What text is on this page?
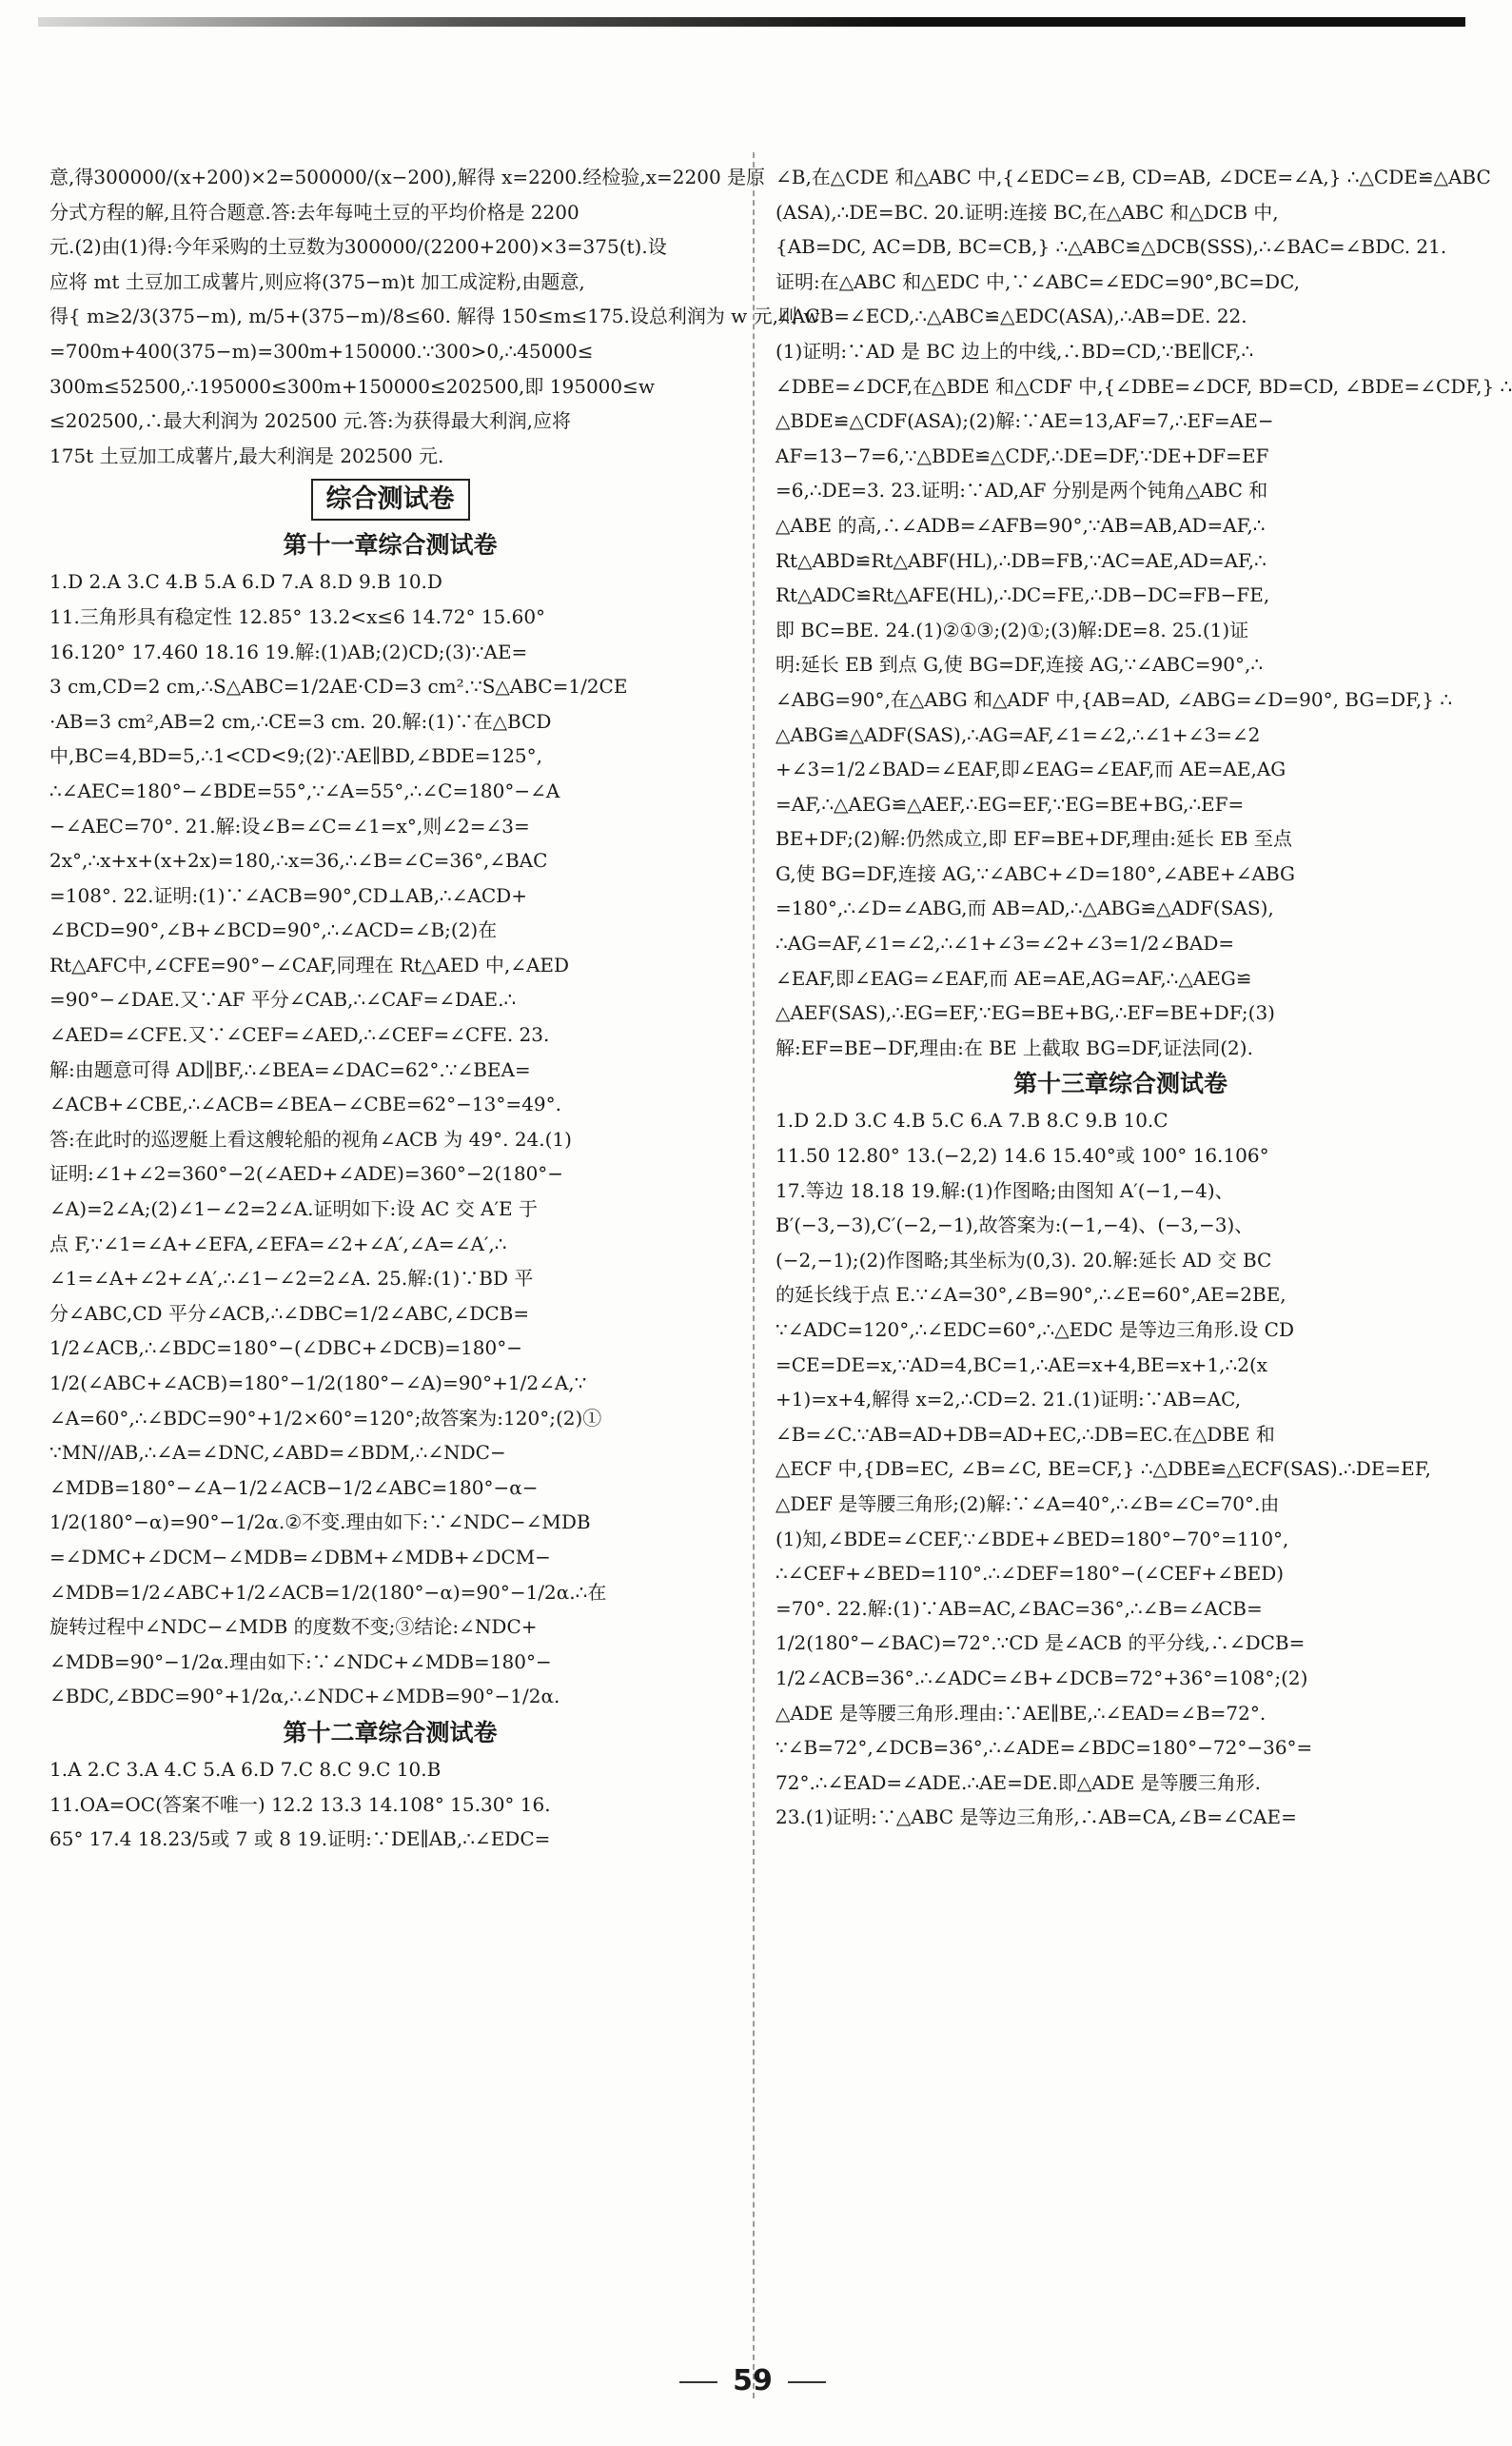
意,得300000/(x+200)×2=500000/(x−200),解得 x=2200.经检验,x=2200 是原
分式方程的解,且符合题意.答:去年每吨土豆的平均价格是 2200
元.(2)由(1)得:今年采购的土豆数为300000/(2200+200)×3=375(t).设
应将 mt 土豆加工成薯片,则应将(375−m)t 加工成淀粉,由题意,
得{ m≥2/3(375−m), m/5+(375−m)/8≤60. 解得 150≤m≤175.设总利润为 w 元,则 w
=700m+400(375−m)=300m+150000.∵300>0,∴45000≤
300m≤52500,∴195000≤300m+150000≤202500,即 195000≤w
≤202500,∴最大利润为 202500 元.答:为获得最大利润,应将
175t 土豆加工成薯片,最大利润是 202500 元.
综合测试卷
第十一章综合测试卷
1.D 2.A 3.C 4.B 5.A 6.D 7.A 8.D 9.B 10.D
11.三角形具有稳定性 12.85° 13.2<x≤6 14.72° 15.60°
16.120° 17.460 18.16 19.解:(1)AB;(2)CD;(3)∵AE=
3 cm,CD=2 cm,∴S△ABC=1/2AE·CD=3 cm².∵S△ABC=1/2CE
·AB=3 cm²,AB=2 cm,∴CE=3 cm. 20.解:(1)∵在△BCD
中,BC=4,BD=5,∴1<CD<9;(2)∵AE∥BD,∠BDE=125°,
∴∠AEC=180°−∠BDE=55°,∵∠A=55°,∴∠C=180°−∠A
−∠AEC=70°. 21.解:设∠B=∠C=∠1=x°,则∠2=∠3=
2x°,∴x+x+(x+2x)=180,∴x=36,∴∠B=∠C=36°,∠BAC
=108°. 22.证明:(1)∵∠ACB=90°,CD⊥AB,∴∠ACD+
∠BCD=90°,∠B+∠BCD=90°,∴∠ACD=∠B;(2)在
Rt△AFC中,∠CFE=90°−∠CAF,同理在 Rt△AED 中,∠AED
=90°−∠DAE.又∵AF 平分∠CAB,∴∠CAF=∠DAE.∴
∠AED=∠CFE.又∵∠CEF=∠AED,∴∠CEF=∠CFE. 23.
解:由题意可得 AD∥BF,∴∠BEA=∠DAC=62°.∵∠BEA=
∠ACB+∠CBE,∴∠ACB=∠BEA−∠CBE=62°−13°=49°.
答:在此时的巡逻艇上看这艘轮船的视角∠ACB 为 49°. 24.(1)
证明:∠1+∠2=360°−2(∠AED+∠ADE)=360°−2(180°−
∠A)=2∠A;(2)∠1−∠2=2∠A.证明如下:设 AC 交 A′E 于
点 F,∵∠1=∠A+∠EFA,∠EFA=∠2+∠A′,∠A=∠A′,∴
∠1=∠A+∠2+∠A′,∴∠1−∠2=2∠A. 25.解:(1)∵BD 平
分∠ABC,CD 平分∠ACB,∴∠DBC=1/2∠ABC,∠DCB=
1/2∠ACB,∴∠BDC=180°−(∠DBC+∠DCB)=180°−
1/2(∠ABC+∠ACB)=180°−1/2(180°−∠A)=90°+1/2∠A,∵
∠A=60°,∴∠BDC=90°+1/2×60°=120°;故答案为:120°;(2)①
∵MN//AB,∴∠A=∠DNC,∠ABD=∠BDM,∴∠NDC−
∠MDB=180°−∠A−1/2∠ACB−1/2∠ABC=180°−α−
1/2(180°−α)=90°−1/2α.②不变.理由如下:∵∠NDC−∠MDB
=∠DMC+∠DCM−∠MDB=∠DBM+∠MDB+∠DCM−
∠MDB=1/2∠ABC+1/2∠ACB=1/2(180°−α)=90°−1/2α.∴在
旋转过程中∠NDC−∠MDB 的度数不变;③结论:∠NDC+
∠MDB=90°−1/2α.理由如下:∵∠NDC+∠MDB=180°−
∠BDC,∠BDC=90°+1/2α,∴∠NDC+∠MDB=90°−1/2α.
第十二章综合测试卷
1.A 2.C 3.A 4.C 5.A 6.D 7.C 8.C 9.C 10.B
11.OA=OC(答案不唯一) 12.2 13.3 14.108° 15.30° 16.
65° 17.4 18.23/5或 7 或 8 19.证明:∵DE∥AB,∴∠EDC=
∠B,在△CDE 和△ABC 中,{∠EDC=∠B, CD=AB, ∠DCE=∠A,} ∴△CDE≌△ABC
(ASA),∴DE=BC. 20.证明:连接 BC,在△ABC 和△DCB 中,
{AB=DC, AC=DB, BC=CB,} ∴△ABC≌△DCB(SSS),∴∠BAC=∠BDC. 21.
证明:在△ABC 和△EDC 中,∵∠ABC=∠EDC=90°,BC=DC,
∠ACB=∠ECD,∴△ABC≌△EDC(ASA),∴AB=DE. 22.
(1)证明:∵AD 是 BC 边上的中线,∴BD=CD,∵BE∥CF,∴
∠DBE=∠DCF,在△BDE 和△CDF 中,{∠DBE=∠DCF, BD=CD, ∠BDE=∠CDF,} ∴
△BDE≌△CDF(ASA);(2)解:∵AE=13,AF=7,∴EF=AE−
AF=13−7=6,∵△BDE≌△CDF,∴DE=DF,∵DE+DF=EF
=6,∴DE=3. 23.证明:∵AD,AF 分别是两个钝角△ABC 和
△ABE 的高,∴∠ADB=∠AFB=90°,∵AB=AB,AD=AF,∴
Rt△ABD≌Rt△ABF(HL),∴DB=FB,∵AC=AE,AD=AF,∴
Rt△ADC≌Rt△AFE(HL),∴DC=FE,∴DB−DC=FB−FE,
即 BC=BE. 24.(1)②①③;(2)①;(3)解:DE=8. 25.(1)证
明:延长 EB 到点 G,使 BG=DF,连接 AG,∵∠ABC=90°,∴
∠ABG=90°,在△ABG 和△ADF 中,{AB=AD, ∠ABG=∠D=90°, BG=DF,} ∴
△ABG≌△ADF(SAS),∴AG=AF,∠1=∠2,∴∠1+∠3=∠2
+∠3=1/2∠BAD=∠EAF,即∠EAG=∠EAF,而 AE=AE,AG
=AF,∴△AEG≌△AEF,∴EG=EF,∵EG=BE+BG,∴EF=
BE+DF;(2)解:仍然成立,即 EF=BE+DF,理由:延长 EB 至点
G,使 BG=DF,连接 AG,∵∠ABC+∠D=180°,∠ABE+∠ABG
=180°,∴∠D=∠ABG,而 AB=AD,∴△ABG≌△ADF(SAS),
∴AG=AF,∠1=∠2,∴∠1+∠3=∠2+∠3=1/2∠BAD=
∠EAF,即∠EAG=∠EAF,而 AE=AE,AG=AF,∴△AEG≌
△AEF(SAS),∴EG=EF,∵EG=BE+BG,∴EF=BE+DF;(3)
解:EF=BE−DF,理由:在 BE 上截取 BG=DF,证法同(2).
第十三章综合测试卷
1.D 2.D 3.C 4.B 5.C 6.A 7.B 8.C 9.B 10.C
11.50 12.80° 13.(−2,2) 14.6 15.40°或 100° 16.106°
17.等边 18.18 19.解:(1)作图略;由图知 A′(−1,−4)、
B′(−3,−3),C′(−2,−1),故答案为:(−1,−4)、(−3,−3)、
(−2,−1);(2)作图略;其坐标为(0,3). 20.解:延长 AD 交 BC
的延长线于点 E.∵∠A=30°,∠B=90°,∴∠E=60°,AE=2BE,
∵∠ADC=120°,∴∠EDC=60°,∴△EDC 是等边三角形.设 CD
=CE=DE=x,∵AD=4,BC=1,∴AE=x+4,BE=x+1,∴2(x
+1)=x+4,解得 x=2,∴CD=2. 21.(1)证明:∵AB=AC,
∠B=∠C.∵AB=AD+DB=AD+EC,∴DB=EC.在△DBE 和
△ECF 中,{DB=EC, ∠B=∠C, BE=CF,} ∴△DBE≌△ECF(SAS).∴DE=EF,
△DEF 是等腰三角形;(2)解:∵∠A=40°,∴∠B=∠C=70°.由
(1)知,∠BDE=∠CEF,∵∠BDE+∠BED=180°−70°=110°,
∴∠CEF+∠BED=110°.∴∠DEF=180°−(∠CEF+∠BED)
=70°. 22.解:(1)∵AB=AC,∠BAC=36°,∴∠B=∠ACB=
1/2(180°−∠BAC)=72°.∵CD 是∠ACB 的平分线,∴∠DCB=
1/2∠ACB=36°.∴∠ADC=∠B+∠DCB=72°+36°=108°;(2)
△ADE 是等腰三角形.理由:∵AE∥BE,∴∠EAD=∠B=72°.
∵∠B=72°,∠DCB=36°,∴∠ADE=∠BDC=180°−72°−36°=
72°.∴∠EAD=∠ADE.∴AE=DE.即△ADE 是等腰三角形.
23.(1)证明:∵△ABC 是等边三角形,∴AB=CA,∠B=∠CAE=
59
